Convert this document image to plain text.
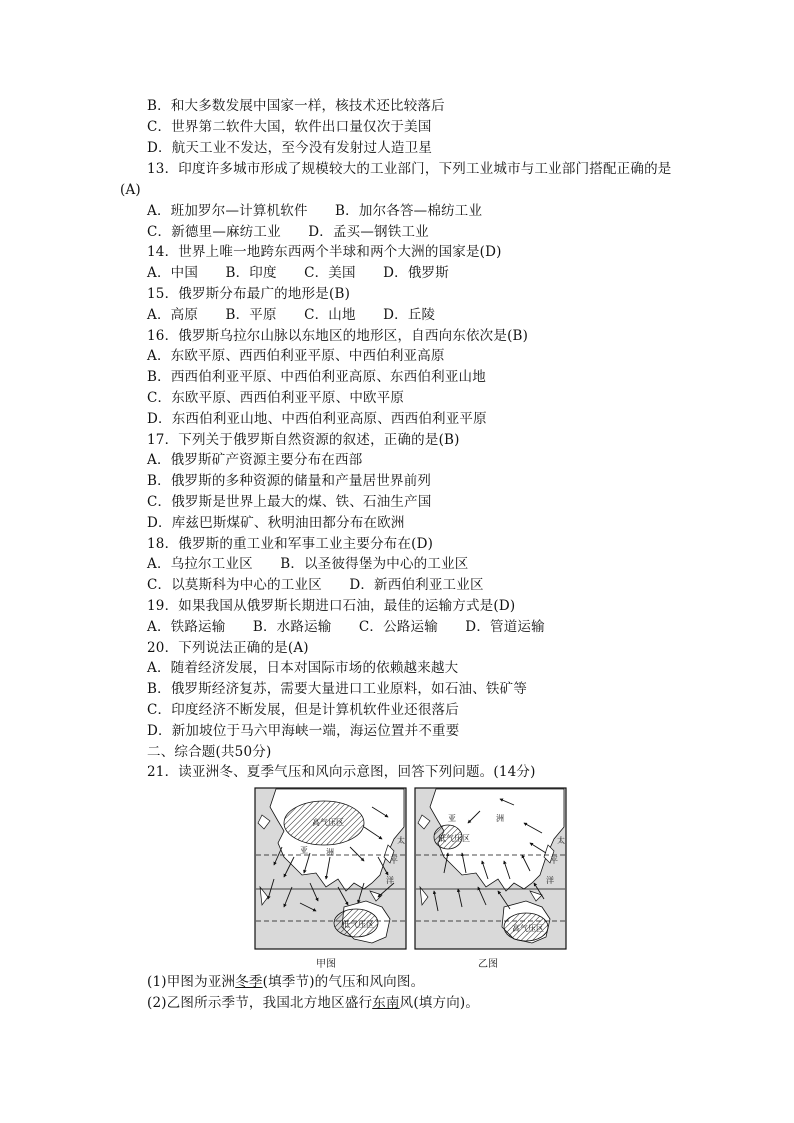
B．和大多数发展中国家一样，核技术还比较落后
C．世界第二软件大国，软件出口量仅次于美国
D．航天工业不发达，至今没有发射过人造卫星
13．印度许多城市形成了规模较大的工业部门，下列工业城市与工业部门搭配正确的是
(A)
A．班加罗尔—计算机软件　　B．加尔各答—棉纺工业
C．新德里—麻纺工业　　D．孟买—钢铁工业
14．世界上唯一地跨东西两个半球和两个大洲的国家是(D)
A．中国　　B．印度　　C．美国　　D．俄罗斯
15．俄罗斯分布最广的地形是(B)
A．高原　　B．平原　　C．山地　　D．丘陵
16．俄罗斯乌拉尔山脉以东地区的地形区，自西向东依次是(B)
A．东欧平原、西西伯利亚平原、中西伯利亚高原
B．西西伯利亚平原、中西伯利亚高原、东西伯利亚山地
C．东欧平原、西西伯利亚平原、中欧平原
D．东西伯利亚山地、中西伯利亚高原、西西伯利亚平原
17．下列关于俄罗斯自然资源的叙述，正确的是(B)
A．俄罗斯矿产资源主要分布在西部
B．俄罗斯的多种资源的储量和产量居世界前列
C．俄罗斯是世界上最大的煤、铁、石油生产国
D．库兹巴斯煤矿、秋明油田都分布在欧洲
18．俄罗斯的重工业和军事工业主要分布在(D)
A．乌拉尔工业区　　B．以圣彼得堡为中心的工业区
C．以莫斯科为中心的工业区　　D．新西伯利亚工业区
19．如果我国从俄罗斯长期进口石油，最佳的运输方式是(D)
A．铁路运输　　B．水路运输　　C．公路运输　　D．管道运输
20．下列说法正确的是(A)
A．随着经济发展，日本对国际市场的依赖越来越大
B．俄罗斯经济复苏，需要大量进口工业原料，如石油、铁矿等
C．印度经济不断发展，但是计算机软件业还很落后
D．新加坡位于马六甲海峡一端，海运位置并不重要
二、综合题(共50分)
21．读亚洲冬、夏季气压和风向示意图，回答下列问题。(14分)
高气压区
低气压区
亚 洲
太
平
洋
低气压区
高气压区
亚	洲
太
平
洋
甲图	乙图
(1)甲图为亚洲冬季(填季节)的气压和风向图。
(2)乙图所示季节，我国北方地区盛行东南风(填方向)。
